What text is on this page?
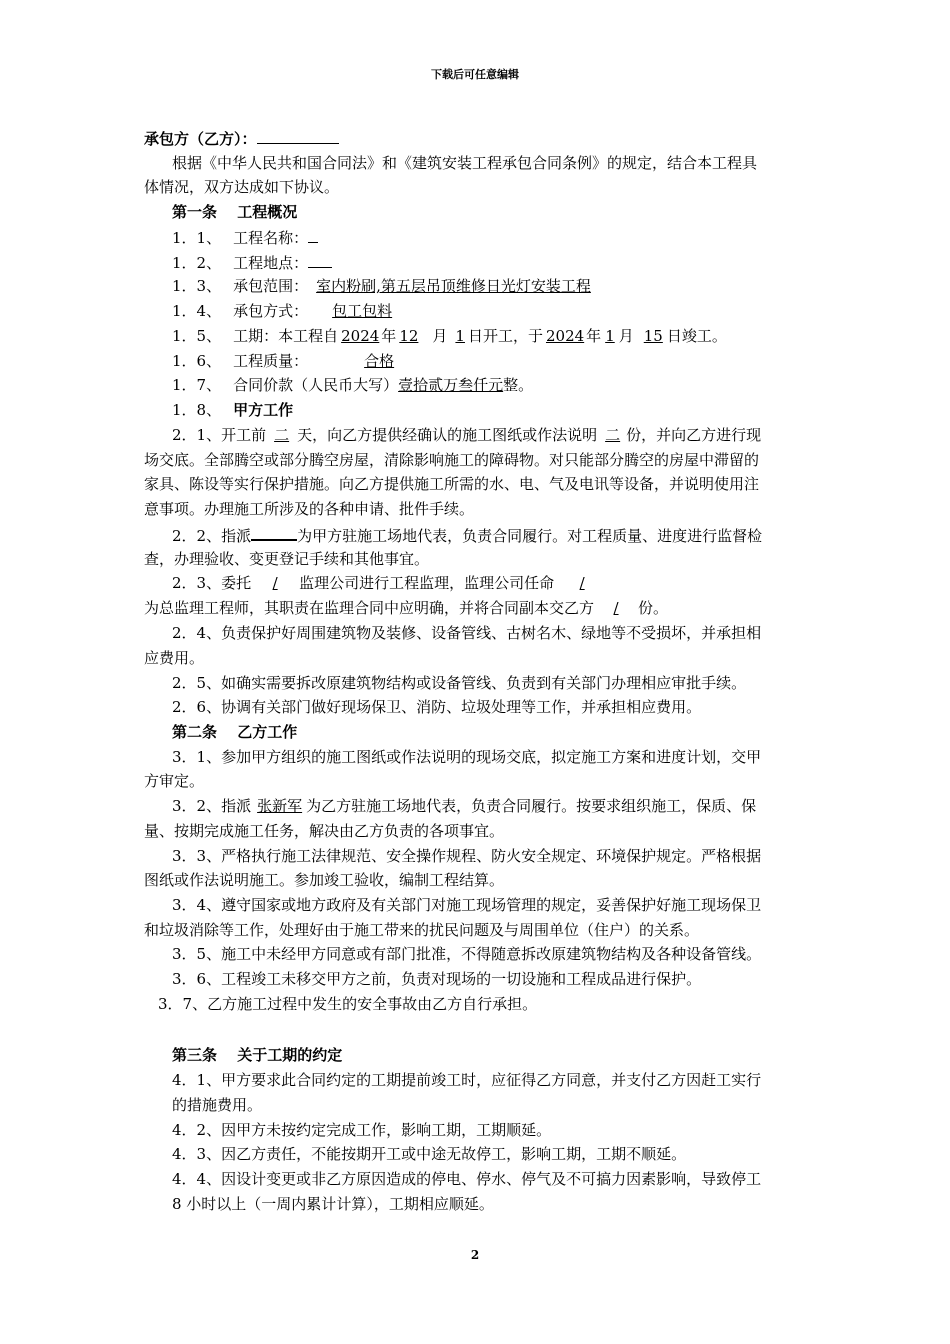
下载后可任意编辑
承包方（乙方）：
根据《中华人民共和国合同法》和《建筑安装工程承包合同条例》的规定，结合本工程具
体情况，双方达成如下协议。
第一条　 工程概况
1．1、 工程名称：
1．2、 工程地点：
1．3、 承包范围： 室内粉刷,第五层吊顶维修日光灯安装工程
1．4、 承包方式： 包工包料
1．5、 工期：本工程自 2024 年 12 月 1 日开工，于 2024 年 1 月 15 日竣工。
1．6、 工程质量：	合格
1．7、 合同价款（人民币大写）壹拾贰万叁仟元整。
1．8、 甲方工作
2．1、开工前 二 天，向乙方提供经确认的施工图纸或作法说明 二 份，并向乙方进行现
场交底。全部腾空或部分腾空房屋，清除影响施工的障碍物。对只能部分腾空的房屋中滞留的
家具、陈设等实行保护措施。向乙方提供施工所需的水、电、气及电讯等设备，并说明使用注
意事项。办理施工所涉及的各种申请、批件手续。
2．2、指派	为甲方驻施工场地代表，负责合同履行。对工程质量、进度进行监督检
查，办理验收、变更登记手续和其他事宜。
2．3、委托 / 监理公司进行工程监理，监理公司任命 /
为总监理工程师，其职责在监理合同中应明确，并将合同副本交乙方 / 份。
2．4、负责保护好周围建筑物及装修、设备管线、古树名木、绿地等不受损坏，并承担相
应费用。
2．5、如确实需要拆改原建筑物结构或设备管线、负责到有关部门办理相应审批手续。
2．6、协调有关部门做好现场保卫、消防、垃圾处理等工作，并承担相应费用。
第二条　 乙方工作
3．1、参加甲方组织的施工图纸或作法说明的现场交底，拟定施工方案和进度计划，交甲
方审定。
3．2、指派 张新军 为乙方驻施工场地代表，负责合同履行。按要求组织施工，保质、保
量、按期完成施工任务，解决由乙方负责的各项事宜。
3．3、严格执行施工法律规范、安全操作规程、防火安全规定、环境保护规定。严格根据
图纸或作法说明施工。参加竣工验收，编制工程结算。
3．4、遵守国家或地方政府及有关部门对施工现场管理的规定，妥善保护好施工现场保卫
和垃圾消除等工作，处理好由于施工带来的扰民问题及与周围单位（住户）的关系。
3．5、施工中未经甲方同意或有部门批准，不得随意拆改原建筑物结构及各种设备管线。
3．6、工程竣工未移交甲方之前，负责对现场的一切设施和工程成品进行保护。
3．7、乙方施工过程中发生的安全事故由乙方自行承担。
第三条　 关于工期的约定
4．1、甲方要求此合同约定的工期提前竣工时，应征得乙方同意，并支付乙方因赶工实行
的措施费用。
4．2、因甲方未按约定完成工作，影响工期，工期顺延。
4．3、因乙方责任，不能按期开工或中途无故停工，影响工期，工期不顺延。
4．4、因设计变更或非乙方原因造成的停电、停水、停气及不可搞力因素影响，导致停工
8 小时以上（一周内累计计算），工期相应顺延。
2
